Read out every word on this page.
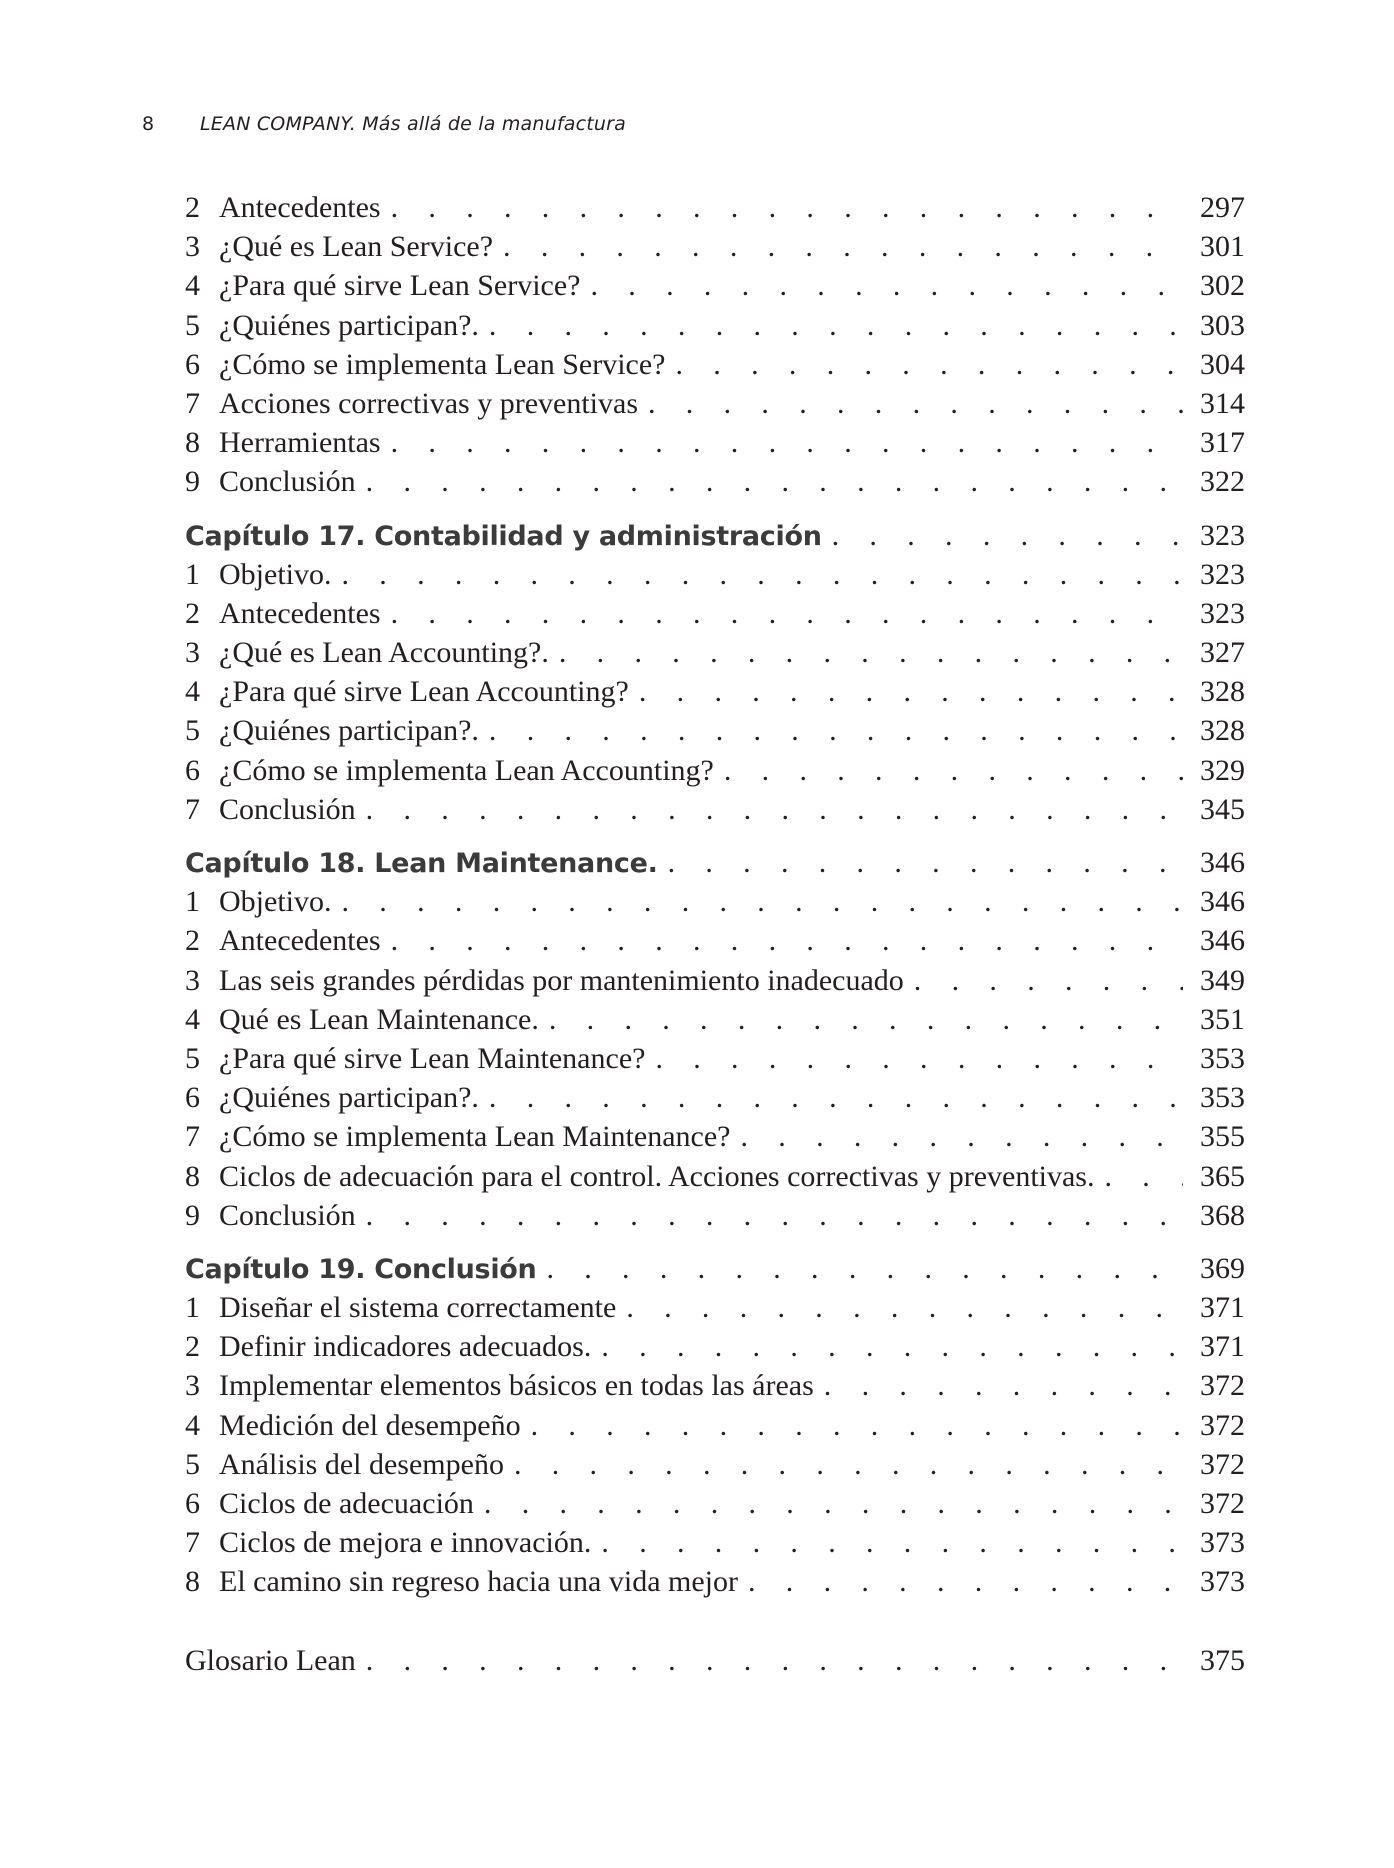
8 LEAN COMPANY. Más allá de la manufactura
2 Antecedentes . . .	297
3 ¿Qué es Lean Service? . . .	301
4 ¿Para qué sirve Lean Service? . . .	302
5 ¿Quiénes participan?. . . .	303
6 ¿Cómo se implementa Lean Service? . . .	304
7 Acciones correctivas y preventivas . . .	314
8 Herramientas . . .	317
9 Conclusión . . .	322
Capítulo 17. Contabilidad y administración . . .	323
1 Objetivo. . . .	323
2 Antecedentes . . .	323
3 ¿Qué es Lean Accounting?. . . .	327
4 ¿Para qué sirve Lean Accounting? . . .	328
5 ¿Quiénes participan?. . . .	328
6 ¿Cómo se implementa Lean Accounting? . . .	329
7 Conclusión . . .	345
Capítulo 18. Lean Maintenance. . . .	346
1 Objetivo. . . .	346
2 Antecedentes . . .	346
3 Las seis grandes pérdidas por mantenimiento inadecuado . . .	349
4 Qué es Lean Maintenance. . . .	351
5 ¿Para qué sirve Lean Maintenance? . . .	353
6 ¿Quiénes participan?. . . .	353
7 ¿Cómo se implementa Lean Maintenance? . . .	355
8 Ciclos de adecuación para el control. Acciones correctivas y preventivas. . . .	365
9 Conclusión . . .	368
Capítulo 19. Conclusión . . .	369
1 Diseñar el sistema correctamente . . .	371
2 Definir indicadores adecuados. . . .	371
3 Implementar elementos básicos en todas las áreas . . .	372
4 Medición del desempeño . . .	372
5 Análisis del desempeño . . .	372
6 Ciclos de adecuación . . .	372
7 Ciclos de mejora e innovación. . . .	373
8 El camino sin regreso hacia una vida mejor . . .	373
Glosario Lean . . .	375
